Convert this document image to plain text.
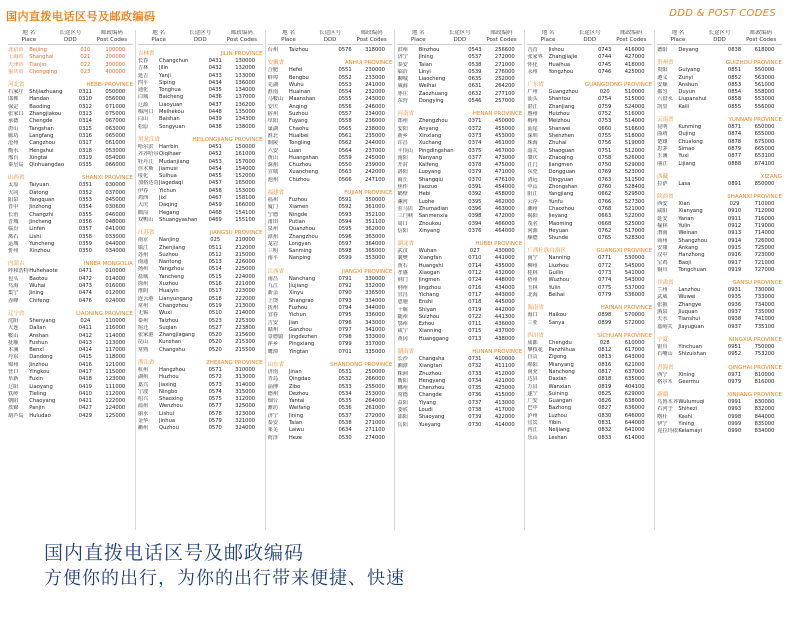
国内直拨电话区号及邮政编码	DDD & POST CODES
地 名
Place
长途区号
DDD
邮政编码
Post Codes
北京市	Beijing	010	100000
上海市	Shanghai	021	200000
天津市	Tianjin	022	300000
重庆市	Chongqing	023	400000
河北省	HEBEI PROVINCE
石家庄	Shijiazhuang	0311	050000
邯郸	Handan	0310	056000
保定	Baoding	0312	071000
张家口	Zhangjiakou	0313	075000
承德	Chengde	0314	067000
唐山	Tangshan	0315	063000
廊坊	Langfang	0316	065000
沧州	Cangzhou	0317	061000
衡水	Hengshui	0318	053000
邢台	Xingtai	0319	054000
秦皇岛	Qinhuangdao	0335	066000
山西省	SHANXI PROVINCE
太原	Taiyuan	0351	030000
大同	Datong	0352	037000
阳泉	Yangquan	0353	045000
晋中	Jinzhong	0354	030600
长治	Changzhi	0355	046000
晋城	Jincheng	0356	048000
临汾	Linfen	0357	041000
离石	Lishi	0358	033000
运城	Yuncheng	0359	044000
忻州	Xinzhou	0350	034000
内蒙古	INNER MONGOLIA
呼和浩特 Huhehaote	0471	010000
包头	Baotou	0472	014000
乌海	Wuhai	0473	016000
集宁	Jining	0474	012000
赤峰	Chifeng	0476	024000
辽宁省	LIAONING PROVINCE
沈阳	Shenyang	024	110000
大连	Dalian	0411	116000
鞍山	Anshan	0412	114000
抚顺	Fushun	0413	113000
本溪	Benxi	0414	117000
丹东	Dandong	0415	118000
锦州	Jinzhou	0416	121000
营口	Yingkou	0417	115000
阜新	Fuxin	0418	123000
辽阳	Liaoyang	0419	111000
铁岭	Tieling	0410	112000
朝阳	Chaoyang	0421	122000
盘锦	Panjin	0427	124000
葫芦岛	Huludao	0429	125000
地 名
Place
长途区号
DDD
邮政编码
Post Codes
吉林省	JILIN PROVINCE
长春	Changchun	0431	130000
吉林	Jilin	0432	132000
延吉	Yanji	0433	133000
四平	Siping	0434	136000
通化	Tonghua	0435	134000
白城	Baicheng	0436	137000
辽源	Liaoyuan	0437	136200
梅河口	Meihekou	0448	135000
白山	Baishan	0439	134300
松原	Songyuan	0438	138000
黑龙江省	HEILONGJIANG PROVINCE
哈尔滨	Harrbin	0451	150000
齐齐哈尔 Qiqihaer	0452	161000
牡丹江	Mudanjiang	0453	157000
佳木斯	Jiamusi	0454	154000
绥化	Suihua	0455	152000
加格达奇 Jiagedaqi	0457	165000
伊春	Yichun	0458	153000
鸡西	Jixi	0467	158100
大庆	Daqing	0459	166000
鹤岗	Hegang	0468	154100
双鸭山	Shuangyashan	0469	155100
江苏省	JIANGSU PROVINCE
南京	Nanjing	025	210000
镇江	Zhenjiang	0511	212000
苏州	Suzhou	0512	215000
南通	Nantong	0513	226000
扬州	Yangzhou	0514	225000
盐城	Yancheng	0515	224000
徐州	Xuzhou	0516	221000
淮阴	Huaiyin	0517	223000
连云港	Lianyungang	0518	222000
常州	Changzhou	0519	213000
无锡	Wuxi	0510	214000
泰州	Taizhou	0523	225300
宿迁	Suqian	0527	223800
张家港	Zhangjiagang	0520	215600
昆山	Kunshan	0520	215300
常熟	Changshu	0520	215500
浙江省	ZHEJIANG PROVINCE
杭州	Hangzhou	0571	310000
湖州	Huzhou	0572	313000
嘉兴	Jiaxing	0573	314000
宁波	Ningbo	0574	315000
绍兴	Shaoxing	0575	312000
温州	Wenzhou	0577	325000
丽水	Lishui	0578	323000
金华	Jinhua	0579	321000
衢州	Quzhou	0570	324000
地 名
Place
长途区号
DDD
邮政编码
Post Codes
台州	Taizhou	0576	318000
安徽省	ANHUI PROVINCE
合肥	Hefei	0551	230000
蚌埠	Bengbu	0552	233000
芜湖	Wuhu	0553	241000
淮南	Huainan	0554	232000
马鞍山	Maanshan	0555	243000
安庆	Anqing	0556	246000
宿州	Suzhou	0557	234000
阜阳	Fuyang	0558	236000
巢湖	Chaohu	0565	238000
淮北	Huaibei	0561	235000
铜陵	Tongling	0562	244000
六安	Luan	0564	237000
黄山	Huangshan	0559	245000
滁州	Chuzhou	0550	239000
宣城	Xuancheng	0563	242000
池州	Chizhou	0566	247100
福建省	FUJIAN PROVINCE
福州	Fuzhou	0591	350000
厦门	Xiamen	0592	361000
宁德	Ningde	0593	352100
莆田	Putian	0594	351100
泉州	Quanzhou	0595	362000
漳州	Zhangzhou	0596	363000
龙岩	Longyan	0597	364000
三明	Sanming	0598	365000
南平	Nanping	0599	353000
江西省	JIANGXI PROVINCE
南昌	Nanchang	0791	330000
九江	Jiujiang	0792	332000
新余	Xinyu	0790	336500
上饶	Shangrao	0793	334000
抚州	Fuzhou	0794	344000
宜春	Yichun	0795	336000
吉安	Jian	0796	343000
赣州	Ganzhou	0797	341000
景德镇	Jingdezhen	0798	333000
萍乡	Pingxiang	0799	337000
鹰潭	Yingtan	0701	335000
山东省	SHANDONG PROVINCE
济南	Jinan	0531	250000
青岛	Qingdao	0532	266000
淄博	Zibo	0533	255000
德州	Dezhou	0534	253000
烟台	Yantai	0535	264000
潍坊	Weifang	0536	261000
济宁	Jining	0537	272000
泰安	Taian	0538	271000
莱芜	Laiwu	0634	271100
荷泽	Heze	0530	274000
地 名
Place
长途区号
DDD
邮政编码
Post Codes
滨州	Binzhou	0543	256600
济宁	Jining	0537	272000
泰安	Taian	0538	271000
临沂	Linyi	0539	276000
聊城	Liaocheng	0635	252000
威海	Weihai	0631	264200
枣庄	Zaozhuang	0632	277100
东营	Dongying	0546	257000
河南省	HENAN PROVINCE
郑州	Zhengzhou	0371	450000
安阳	Anyang	0372	455000
新乡	Xinxiang	0373	453000
许昌	Xuchang	0374	461000
平顶山	Pingdingshan	0375	467000
南阳	Nanyang	0377	473000
开封	Kaifeng	0378	475000
洛阳	Luoyang	0379	471000
商丘	Shangqiu	0370	476100
焦作	Jiaozuo	0391	454000
鹤壁	Hebi	0392	458000
漯河	Luohe	0395	462000
驻马店	Zhumadian	0396	463000
三门峡	Sanmenxia	0398	472000
周口	Zhoukou	0394	466000
信阳	Xinyang	0376	464000
湖北省	HUBEI PROVINCE
武汉	Wuhan	027	430000
襄樊	Xiangfan	0710	441000
黄石	Huangshi	0714	435000
孝感	Xiaogan	0712	432000
荆门	Jingmen	0724	448000
荆州	Jingzhou	0716	434000
宜昌	Yichang	0717	443000
恩施	Enshi	0718	445000
十堰	Shiyan	0719	442000
随州	Suizhou	0722	441300
鄂州	Ezhou	0711	436000
咸宁	Xianning	0715	437000
黄冈	Huanggang	0713	438000
湖南省	HUNAN PROVINCE
长沙	Changsha	0731	410000
湘潭	Xiangtan	0732	411100
株洲	Zhuzhou	0733	412000
衡阳	Hengyang	0734	421000
郴州	Chenzhou	0735	423000
常德	Changde	0736	415000
益阳	Yiyang	0737	413000
娄底	Loudi	0738	417000
邵阳	Shaoyang	0739	422000
岳阳	Yueyang	0730	414000
地 名
Place
长途区号
DDD
邮政编码
Post Codes
吉首	Jishou	0743	416000
张家界	Zhangjiajie	0744	427000
怀化	Huaihua	0745	418000
永州	Yongzhou	0746	425000
广东省	GUANGDONG PROVINCE
广州	Guangzhou	020	510000
汕头	Shantou	0754	515000
湛江	Zhanjiang	0759	524000
惠州	Huizhou	0752	516000
梅州	Meizhou	0753	514000
汕尾	Shanwei	0660	516600
深圳	Shenzhen	0755	518000
珠海	Zhuhai	0756	519000
韶关	Shaoguan	0751	512000
肇庆	Zhaoqing	0758	526000
江门	Jiangmen	0750	529000
东莞	Dongguan	0769	523000
清远	Qingyuan	0763	511500
中山	Zhongshan	0760	528400
阳江	Yangjiang	0662	529500
云浮	Yunfu	0766	527300
潮州	Chaozhou	0768	521000
揭阳	Jieyang	0663	522000
茂名	Maoming	0668	525000
河源	Heyuan	0762	517000
顺德	Shunde	0765	528300
广西壮族自治区	GUANGXI PROVINCE
南宁	Nanning	0771	530000
柳州	Liuzhou	0772	545000
桂林	Guilin	0773	541000
梧州	Wuzhou	0774	543000
玉林	Yulin	0775	537000
北海	Beihai	0779	536000
海南省	HAINAN PROVINCE
海口	Haikou	0898	570000
三亚	Sanya	0899	572000
四川省	SICHUAN PROVINCE
成都	Chengdu	028	610000
攀枝花	Panzhihua	0812	617000
自贡	Zigong	0813	643000
绵阳	Mianyang	0816	621000
南充	Nanchong	0817	637000
达县	Daxian	0818	635000
万县	Wanxian	0819	404100
遂宁	Suining	0825	629000
广安	Guangan	0826	638000
巴中	Bazhong	0827	636000
泸州	Luzhou	0830	646000
宜宾	Yibin	0831	644000
内江	Neijiang	0832	641000
乐山	Leshan	0833	614000
地 名
Place
长途区号
DDD
邮政编码
Post Codes
德阳	Deyang	0838	618000
贵州省	GUIZHOU PROVINCE
贵阳	Guiyang	0851	550000
遵义	Zunyi	0852	563000
安顺	Anshun	0853	561000
都匀	Duyun	0854	558000
六盘水	Liupanshui	0858	553000
凯里	Kaili	0855	556000
云南省	YUNNAN PROVINCE
昆明	Kunming	0871	650000
曲靖	Qujing	0874	655000
楚雄	Chuxiong	0878	675000
思茅	Simao	0879	665000
玉溪	Yuxi	0877	653100
丽江	Lijiang	0888	674100
西藏	XIZANG
拉萨	Lasa	0891	850000
陕西省	SHAANXI PROVINCE
西安	Xian	029	710000
咸阳	Xianyang	0910	712000
延安	Yanan	0911	716000
榆林	Yulin	0912	719000
渭南	Weinan	0913	714000
商州	Shangzhou	0914	726000
安康	Ankang	0915	725000
汉中	Hanzhong	0916	723000
宝鸡	Baoji	0917	721000
铜川	Tongchuan	0919	727000
甘肃省	GANSU PROVINCE
兰州	Lanzhou	0931	730000
武威	Wuwei	0935	733000
张掖	Zhangye	0936	734000
酒泉	Jiuquan	0937	735000
天水	Tianshui	0938	741000
嘉峪关	Jiayuguan	0937	735100
宁夏	NINGXIA PROVINCE
银川	Yinchuan	0951	750000
石嘴山	Shizuishan	0952	753200
青海省	QINGHAI PROVINCE
西宁	Xining	0971	810000
格尔木	Geermu	0979	816000
新疆	XINJIANG PROVINCE
乌鲁木齐 Wulumuqi	0991	830000
石河子	Shihezi	0993	832000
喀什	Kashi	0998	844000
伊宁	Yining	0999	835000
克拉玛依 Kelamayi	0990	834000
国内直拨电话区号及邮政编码
方便你的出行，为你的出行带来便捷、快速
